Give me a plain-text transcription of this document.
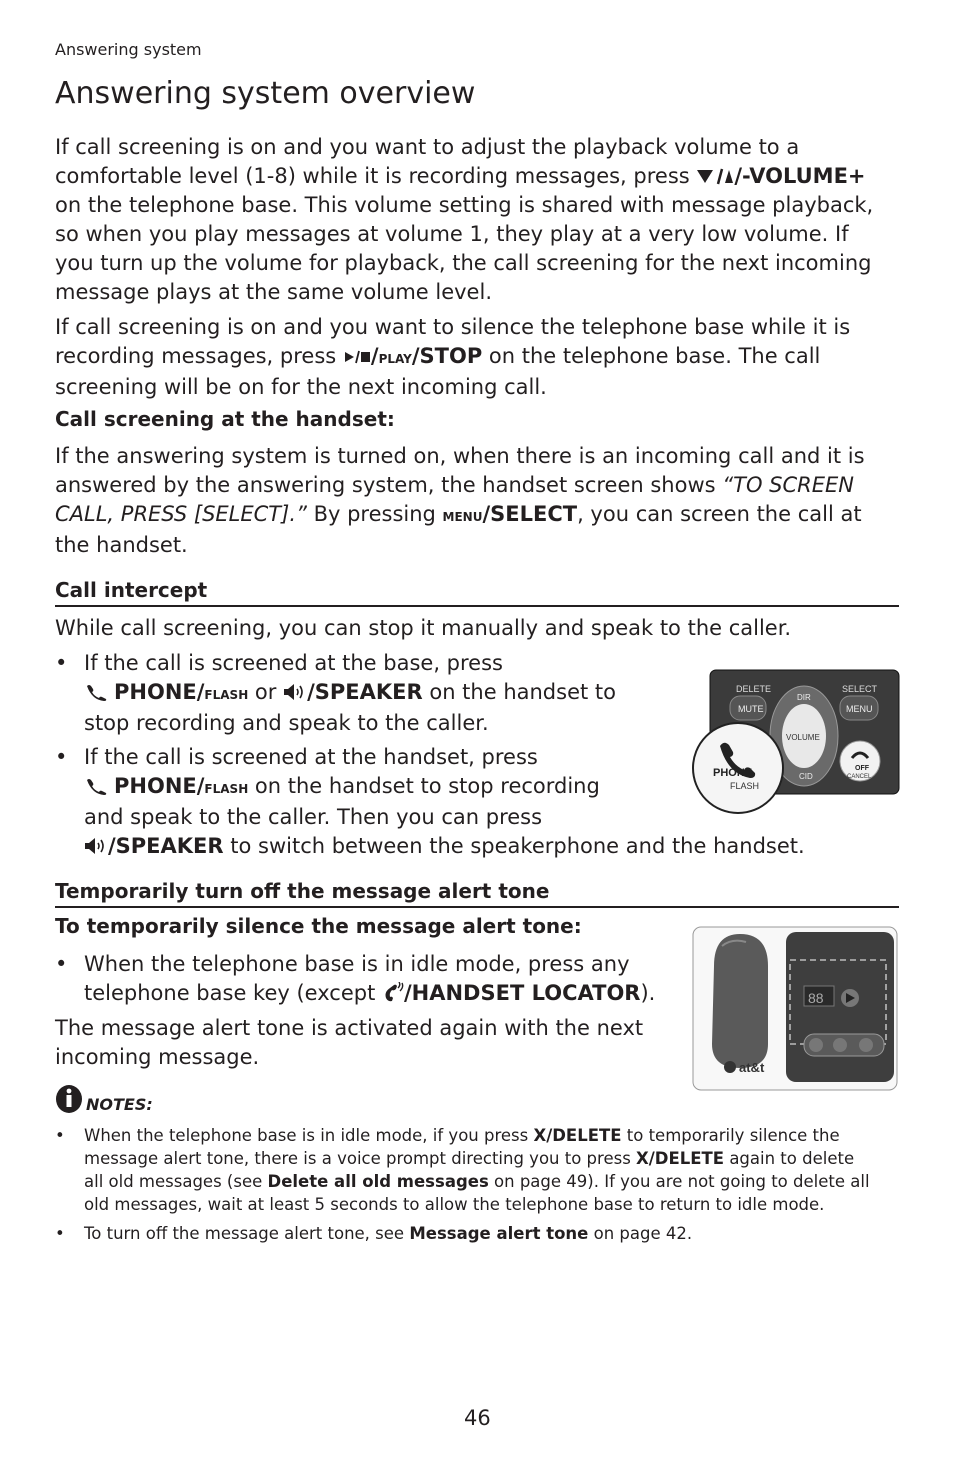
Answering system
Answering system overview
If call screening is on and you want to adjust the playback volume to a
comfortable level (1-8) while it is recording messages, press /-VOLUME+
on the telephone base. This volume setting is shared with message playback,
so when you play messages at volume 1, they play at a very low volume. If
you turn up the volume for playback, the call screening for the next incoming
message plays at the same volume level.
If call screening is on and you want to silence the telephone base while it is
recording messages, press /play/STOP on the telephone base. The call
screening will be on for the next incoming call.
Call screening at the handset:
If the answering system is turned on, when there is an incoming call and it is
answered by the answering system, the handset screen shows “TO SCREEN
CALL, PRESS [SELECT].” By pressing menu/SELECT, you can screen the call at
the handset.
Call intercept
While call screening, you can stop it manually and speak to the caller.
• If the call is screened at the base, press
PHONE/flash or /SPEAKER on the handset to
stop recording and speak to the caller.
• If the call is screened at the handset, press
PHONE/flash on the handset to stop recording
and speak to the caller. Then you can press
/SPEAKER to switch between the speakerphone and the handset.
DELETE	SELECT
MUTE	MENU
DIR
VOLUME
CID
OFF
CANCEL
PHONE
FLASH
Temporarily turn off the message alert tone
To temporarily silence the message alert tone:
• When the telephone base is in idle mode, press any
telephone base key (except /HANDSET LOCATOR).
The message alert tone is activated again with the next
incoming message.
88
at&t
NOTES:
• When the telephone base is in idle mode, if you press X/DELETE to temporarily silence the
message alert tone, there is a voice prompt directing you to press X/DELETE again to delete
all old messages (see Delete all old messages on page 49). If you are not going to delete all
old messages, wait at least 5 seconds to allow the telephone base to return to idle mode.
• To turn off the message alert tone, see Message alert tone on page 42.
46
